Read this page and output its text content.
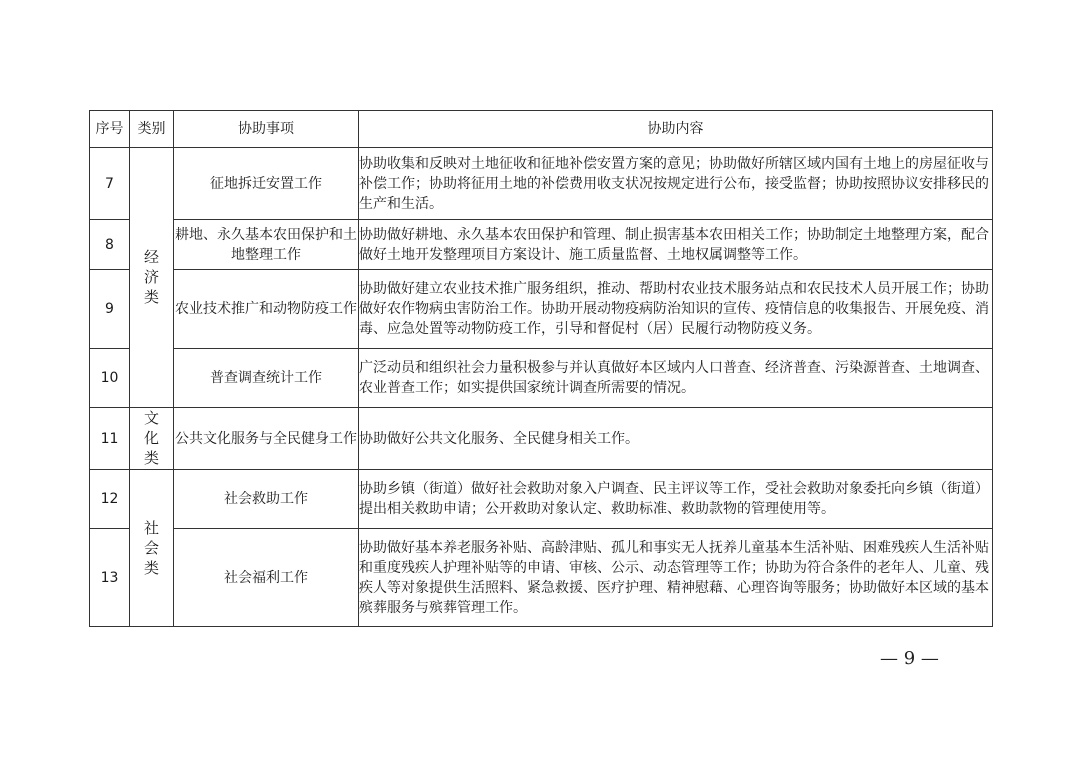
序号	类别	协助事项	协助内容
7	经济类	征地拆迁安置工作	协助收集和反映对土地征收和征地补偿安置方案的意见；协助做好所辖区域内国有土地上的房屋征收与补偿工作；协助将征用土地的补偿费用收支状况按规定进行公布，接受监督；协助按照协议安排移民的生产和生活。
8		耕地、永久基本农田保护和土地整理工作	协助做好耕地、永久基本农田保护和管理、制止损害基本农田相关工作；协助制定土地整理方案，配合做好土地开发整理项目方案设计、施工质量监督、土地权属调整等工作。
9		农业技术推广和动物防疫工作	协助做好建立农业技术推广服务组织，推动、帮助村农业技术服务站点和农民技术人员开展工作；协助做好农作物病虫害防治工作。协助开展动物疫病防治知识的宣传、疫情信息的收集报告、开展免疫、消毒、应急处置等动物防疫工作，引导和督促村（居）民履行动物防疫义务。
10		普查调查统计工作	广泛动员和组织社会力量积极参与并认真做好本区域内人口普查、经济普查、污染源普查、土地调查、农业普查工作；如实提供国家统计调查所需要的情况。
11	文化类	公共文化服务与全民健身工作	协助做好公共文化服务、全民健身相关工作。
12	社会类	社会救助工作	协助乡镇（街道）做好社会救助对象入户调查、民主评议等工作，受社会救助对象委托向乡镇（街道）提出相关救助申请；公开救助对象认定、救助标准、救助款物的管理使用等。
13		社会福利工作	协助做好基本养老服务补贴、高龄津贴、孤儿和事实无人抚养儿童基本生活补贴、困难残疾人生活补贴和重度残疾人护理补贴等的申请、审核、公示、动态管理等工作；协助为符合条件的老年人、儿童、残疾人等对象提供生活照料、紧急救援、医疗护理、精神慰藉、心理咨询等服务；协助做好本区域的基本殡葬服务与殡葬管理工作。
— 9 —
